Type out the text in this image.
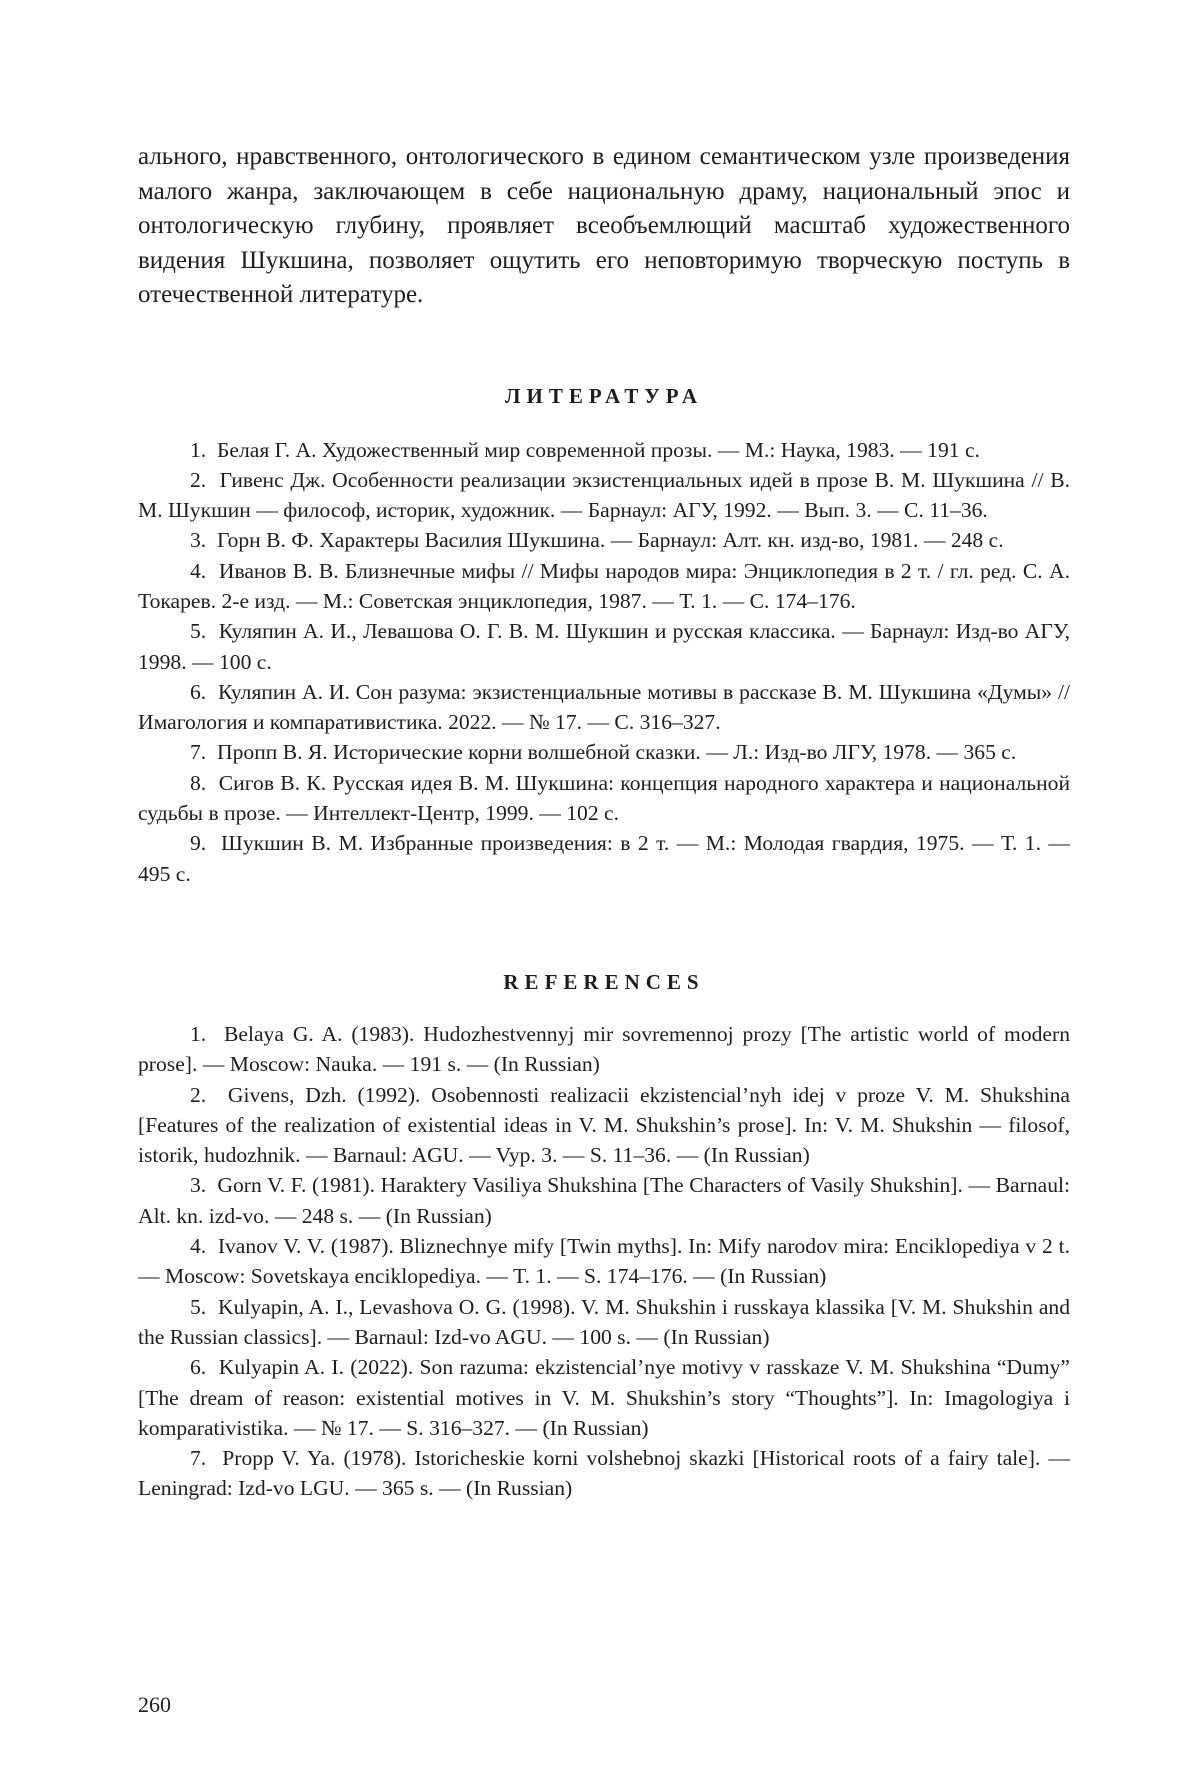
ального, нравственного, онтологического в едином семантическом узле произведения малого жанра, заключающем в себе национальную драму, национальный эпос и онтологическую глубину, проявляет всеобъемлющий масштаб художественного видения Шукшина, позволяет ощутить его неповторимую творческую поступь в отечественной литературе.

ЛИТЕРАТУРА
1. Белая Г. А. Художественный мир современной прозы. — М.: Наука, 1983. — 191 с.
2. Гивенс Дж. Особенности реализации экзистенциальных идей в прозе В. М. Шукшина // В. М. Шукшин — философ, историк, художник. — Барнаул: АГУ, 1992. — Вып. 3. — С. 11–36.
3. Горн В. Ф. Характеры Василия Шукшина. — Барнаул: Алт. кн. изд-во, 1981. — 248 с.
4. Иванов В. В. Близнечные мифы // Мифы народов мира: Энциклопедия в 2 т. / гл. ред. С. А. Токарев. 2-е изд. — М.: Советская энциклопедия, 1987. — Т. 1. — С. 174–176.
5. Куляпин А. И., Левашова О. Г. В. М. Шукшин и русская классика. — Барнаул: Изд-во АГУ, 1998. — 100 с.
6. Куляпин А. И. Сон разума: экзистенциальные мотивы в рассказе В. М. Шукшина «Думы» // Имагология и компаративистика. 2022. — № 17. — С. 316–327.
7. Пропп В. Я. Исторические корни волшебной сказки. — Л.: Изд-во ЛГУ, 1978. — 365 с.
8. Сигов В. К. Русская идея В. М. Шукшина: концепция народного характера и национальной судьбы в прозе. — Интеллект-Центр, 1999. — 102 с.
9. Шукшин В. М. Избранные произведения: в 2 т. — М.: Молодая гвардия, 1975. — Т. 1. — 495 с.
REFERENCES
1. Belaya G. A. (1983). Hudozhestvennyj mir sovremennoj prozy [The artistic world of modern prose]. — Moscow: Nauka. — 191 s. — (In Russian)
2. Givens, Dzh. (1992). Osobennosti realizacii ekzistencial’nyh idej v proze V. M. Shukshina [Features of the realization of existential ideas in V. M. Shukshin’s prose]. In: V. M. Shukshin — filosof, istorik, hudozhnik. — Barnaul: AGU. — Vyp. 3. — S. 11–36. — (In Russian)
3. Gorn V. F. (1981). Haraktery Vasiliya Shukshina [The Characters of Vasily Shukshin]. — Barnaul: Alt. kn. izd-vo. — 248 s. — (In Russian)
4. Ivanov V. V. (1987). Bliznechnye mify [Twin myths]. In: Mify narodov mira: Enciklopediya v 2 t. — Moscow: Sovetskaya enciklopediya. — T. 1. — S. 174–176. — (In Russian)
5. Kulyapin, A. I., Levashova O. G. (1998). V. M. Shukshin i russkaya klassika [V. M. Shukshin and the Russian classics]. — Barnaul: Izd-vo AGU. — 100 s. — (In Russian)
6. Kulyapin A. I. (2022). Son razuma: ekzistencial’nye motivy v rasskaze V. M. Shukshina “Dumy” [The dream of reason: existential motives in V. M. Shukshin’s story “Thoughts”]. In: Imagologiya i komparativistika. — № 17. — S. 316–327. — (In Russian)
7. Propp V. Ya. (1978). Istoricheskie korni volshebnoj skazki [Historical roots of a fairy tale]. — Leningrad: Izd-vo LGU. — 365 s. — (In Russian)
260
